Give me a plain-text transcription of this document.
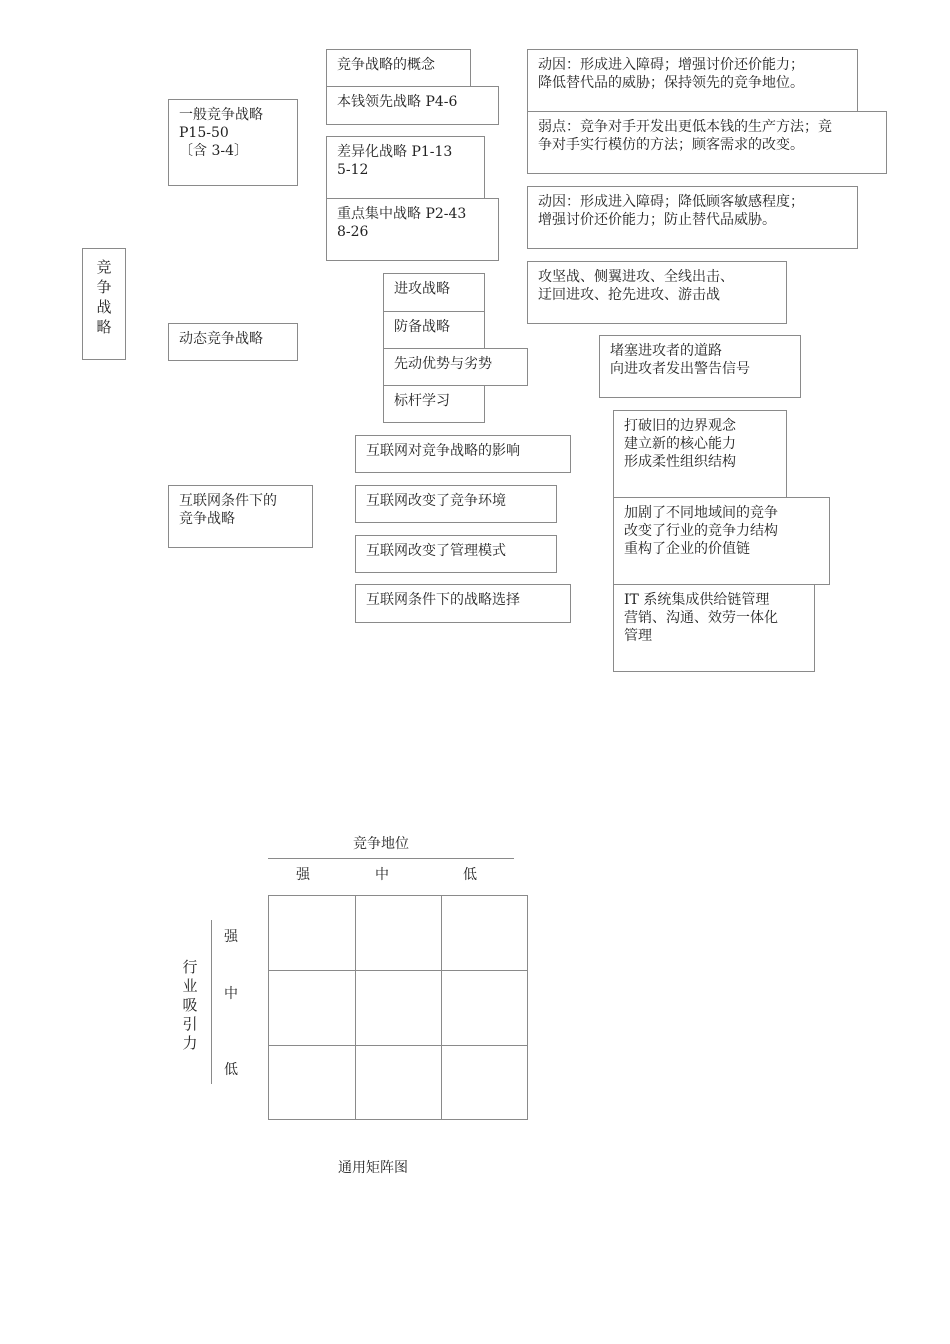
竞
争
战
略
一般竞争战略
P15-50
〔含 3-4〕
动态竞争战略
互联网条件下的
竞争战略
竞争战略的概念
本钱领先战略 P4-6
差异化战略 P1-13
5-12
重点集中战略 P2-43
8-26
动因：形成进入障碍；增强讨价还价能力；
降低替代品的威胁；保持领先的竞争地位。
弱点：竞争对手开发出更低本钱的生产方法；竞
争对手实行模仿的方法；顾客需求的改变。
动因：形成进入障碍；降低顾客敏感程度；
增强讨价还价能力；防止替代品威胁。
进攻战略
防备战略
先动优势与劣势
标杆学习
攻坚战、侧翼进攻、全线出击、
迂回进攻、抢先进攻、游击战
堵塞进攻者的道路
向进攻者发出警告信号
互联网对竞争战略的影响
互联网改变了竞争环境
互联网改变了管理模式
互联网条件下的战略选择
打破旧的边界观念
建立新的核心能力
形成柔性组织结构
加剧了不同地域间的竞争
改变了行业的竞争力结构
重构了企业的价值链
IT 系统集成供给链管理
营销、沟通、效劳一体化
管理
竞争地位
强	中	低
行
业
吸
引
力
强
中
低
通用矩阵图
